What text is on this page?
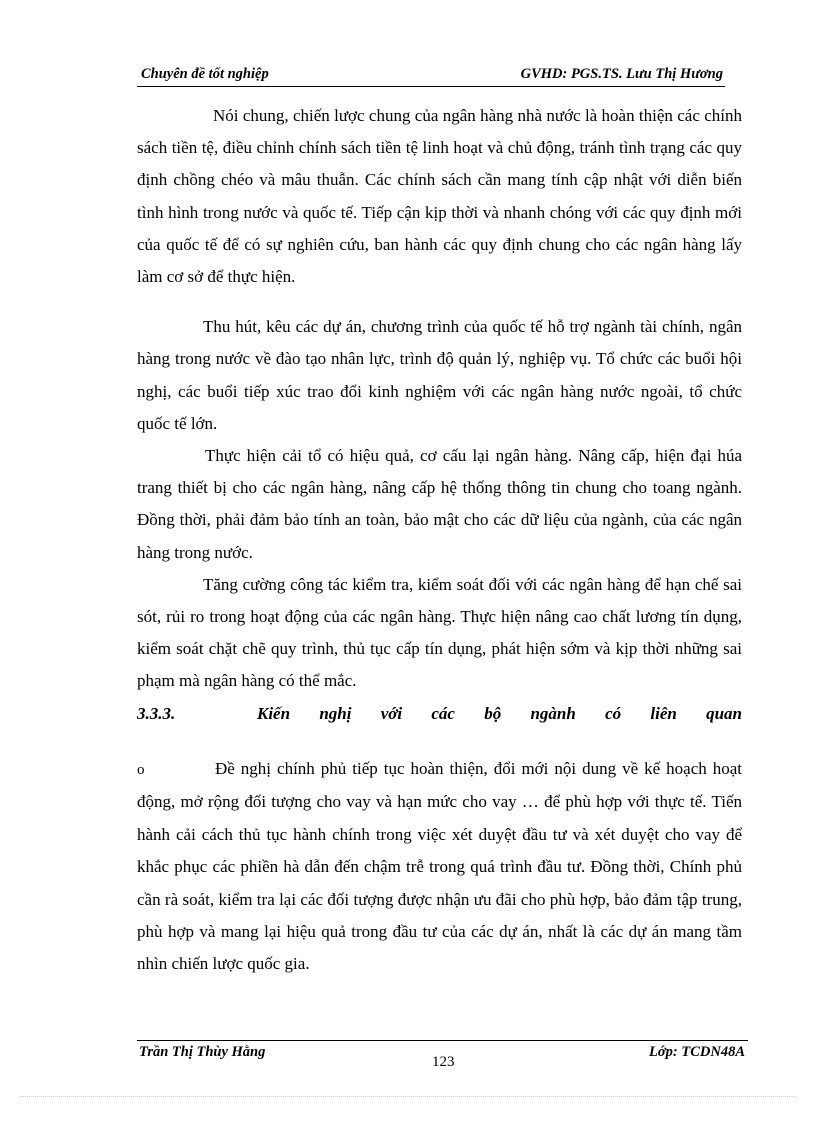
Chuyên đề tốt nghiệp	GVHD: PGS.TS. Lưu Thị Hương

Nói chung, chiến lược chung của ngân hàng nhà nước là hoàn thiện các chính sách tiền tệ, điều chỉnh chính sách tiền tệ linh hoạt và chủ động, tránh tình trạng các quy định chồng chéo và mâu thuẫn. Các chính sách cần mang tính cập nhật với diễn biến tình hình trong nước và quốc tế. Tiếp cận kịp thời và nhanh chóng với các quy định mới của quốc tế để có sự nghiên cứu, ban hành các quy định chung cho các ngân hàng lấy làm cơ sở để thực hiện.

Thu hút, kêu các dự án, chương trình của quốc tế hỗ trợ ngành tài chính, ngân hàng trong nước về đào tạo nhân lực, trình độ quản lý, nghiệp vụ. Tổ chức các buổi hội nghị, các buổi tiếp xúc trao đổi kinh nghiệm với các ngân hàng nước ngoài, tổ chức quốc tế lớn.

Thực hiện cải tổ có hiệu quả, cơ cấu lại ngân hàng. Nâng cấp, hiện đại húa trang thiết bị cho các ngân hàng, nâng cấp hệ thống thông tin chung cho toang ngành. Đồng thời, phải đảm bảo tính an toàn, bảo mật cho các dữ liệu của ngành, của các ngân hàng trong nước.

Tăng cường công tác kiểm tra, kiểm soát đối với các ngân hàng để hạn chế sai sót, rủi ro trong hoạt động của các ngân hàng. Thực hiện nâng cao chất lương tín dụng, kiểm soát chặt chẽ quy trình, thủ tục cấp tín dụng, phát hiện sớm và kịp thời những sai phạm mà ngân hàng có thể mắc.

3.3.3.	Kiến nghị với các bộ ngành có liên quan
o	Đề nghị chính phủ tiếp tục hoàn thiện, đổi mới nội dung về kế hoạch hoạt động, mở rộng đối tượng cho vay và hạn mức cho vay … để phù hợp với thực tế. Tiến hành cải cách thủ tục hành chính trong việc xét duyệt đầu tư và xét duyệt cho vay để khắc phục các phiền hà dẫn đến chậm trễ trong quá trình đầu tư. Đồng thời, Chính phủ cần rà soát, kiểm tra lại các đối tượng được nhận ưu đãi cho phù hợp, bảo đảm tập trung, phù hợp và mang lại hiệu quả trong đầu tư của các dự án, nhất là các dự án mang tầm nhìn chiến lược quốc gia.
Trần Thị Thùy Hằng
123
Lớp: TCDN48A
